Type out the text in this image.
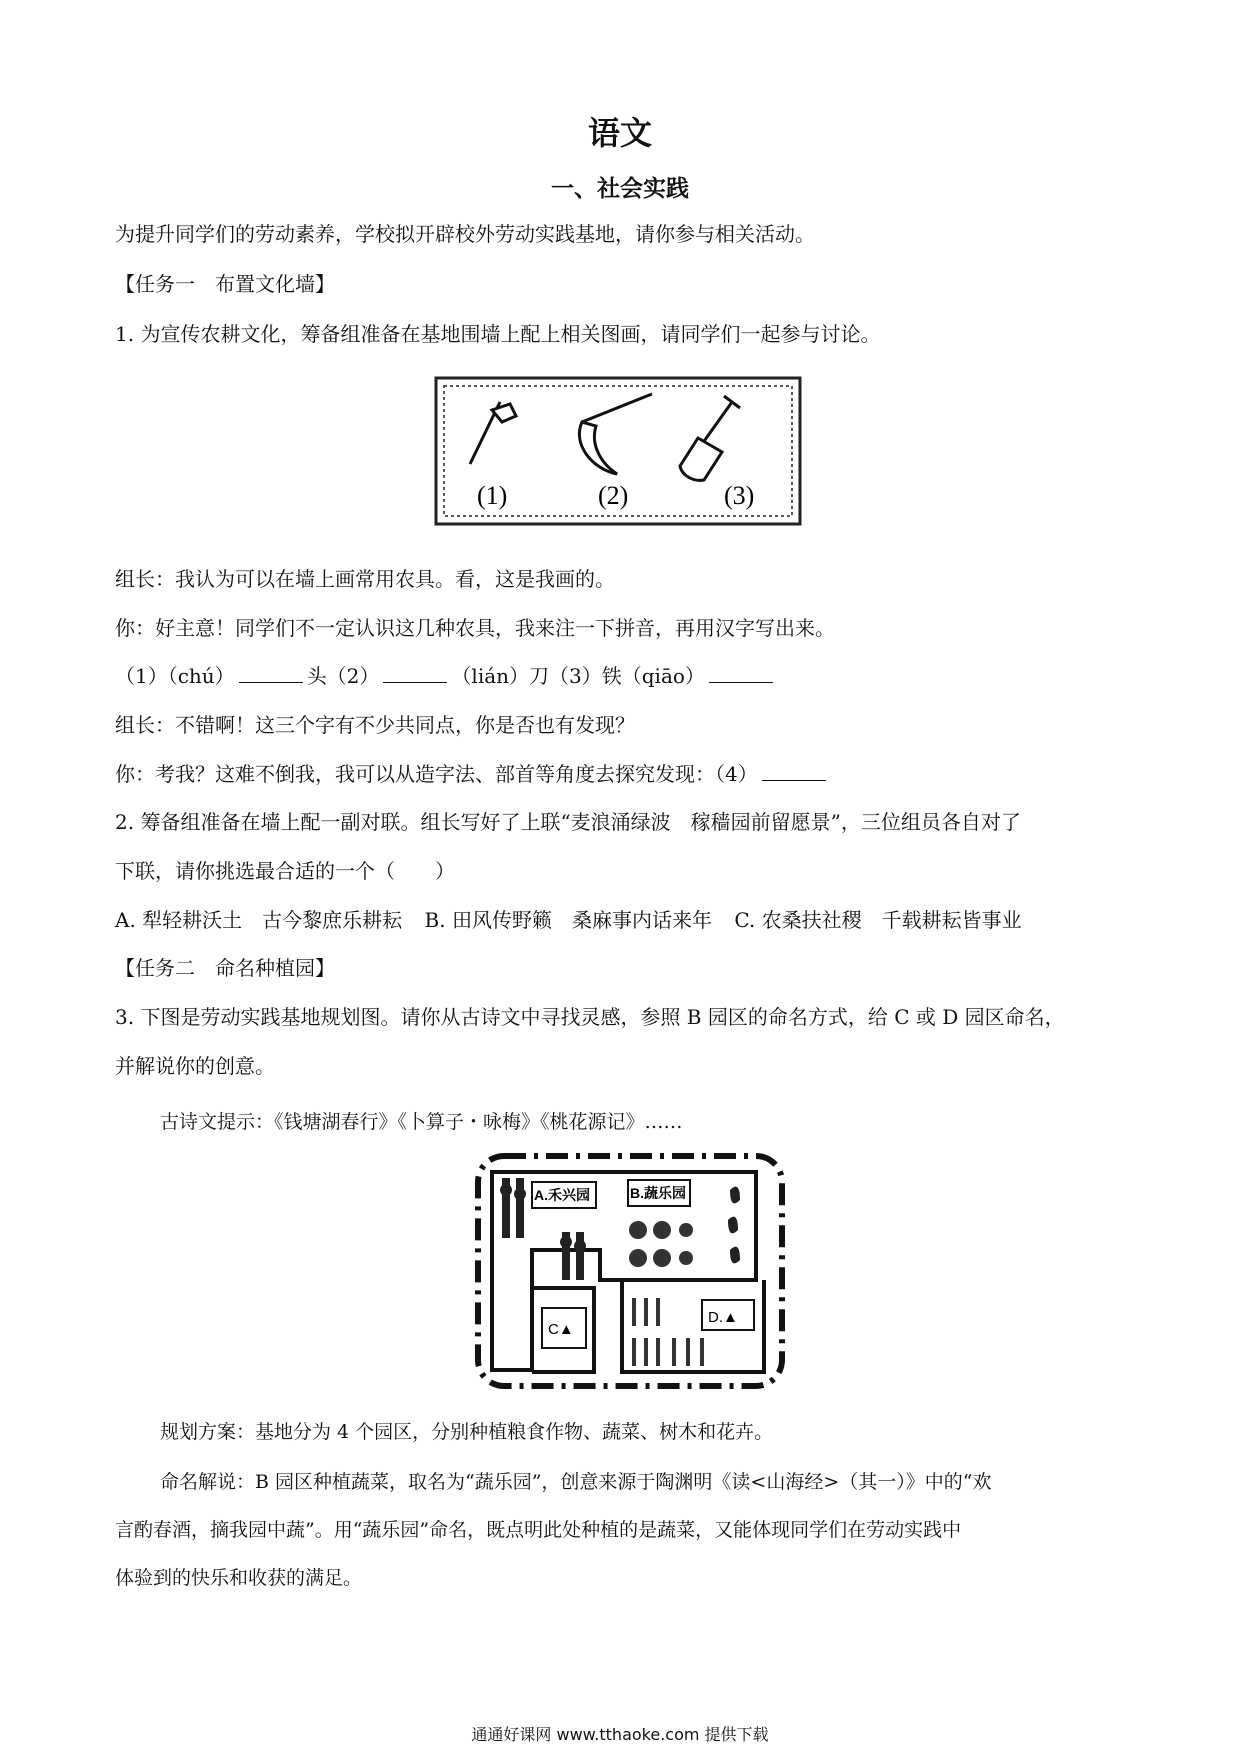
语文
一、社会实践
为提升同学们的劳动素养，学校拟开辟校外劳动实践基地，请你参与相关活动。
【任务一　布置文化墙】
1. 为宣传农耕文化，筹备组准备在基地围墙上配上相关图画，请同学们一起参与讨论。
(1)	(2)	(3)
组长：我认为可以在墙上画常用农具。看，这是我画的。
你：好主意！同学们不一定认识这几种农具，我来注一下拼音，再用汉字写出来。
（1）（chú）	头（2）	（lián）刀（3）铁（qiāo）
组长：不错啊！这三个字有不少共同点，你是否也有发现？
你：考我？这难不倒我，我可以从造字法、部首等角度去探究发现：（4）
2. 筹备组准备在墙上配一副对联。组长写好了上联“麦浪涌绿波　稼穑园前留愿景”，三位组员各自对了
下联，请你挑选最合适的一个（　　）
A. 犁轻耕沃土　古今黎庶乐耕耘 B. 田风传野籁　桑麻事内话来年 C. 农桑扶社稷　千载耕耘皆事业
【任务二　命名种植园】
3. 下图是劳动实践基地规划图。请你从古诗文中寻找灵感，参照 B 园区的命名方式，给 C 或 D 园区命名，
并解说你的创意。
古诗文提示：《钱塘湖春行》《卜算子・咏梅》《桃花源记》……
A.禾兴园	B.蔬乐园
C▲
D.▲
规划方案：基地分为 4 个园区，分别种植粮食作物、蔬菜、树木和花卉。
命名解说：B 园区种植蔬菜，取名为“蔬乐园”，创意来源于陶渊明《读<山海经>（其一）》中的“欢
言酌春酒，摘我园中蔬”。用“蔬乐园”命名，既点明此处种植的是蔬菜，又能体现同学们在劳动实践中
体验到的快乐和收获的满足。
通通好课网 www.tthaoke.com 提供下载
